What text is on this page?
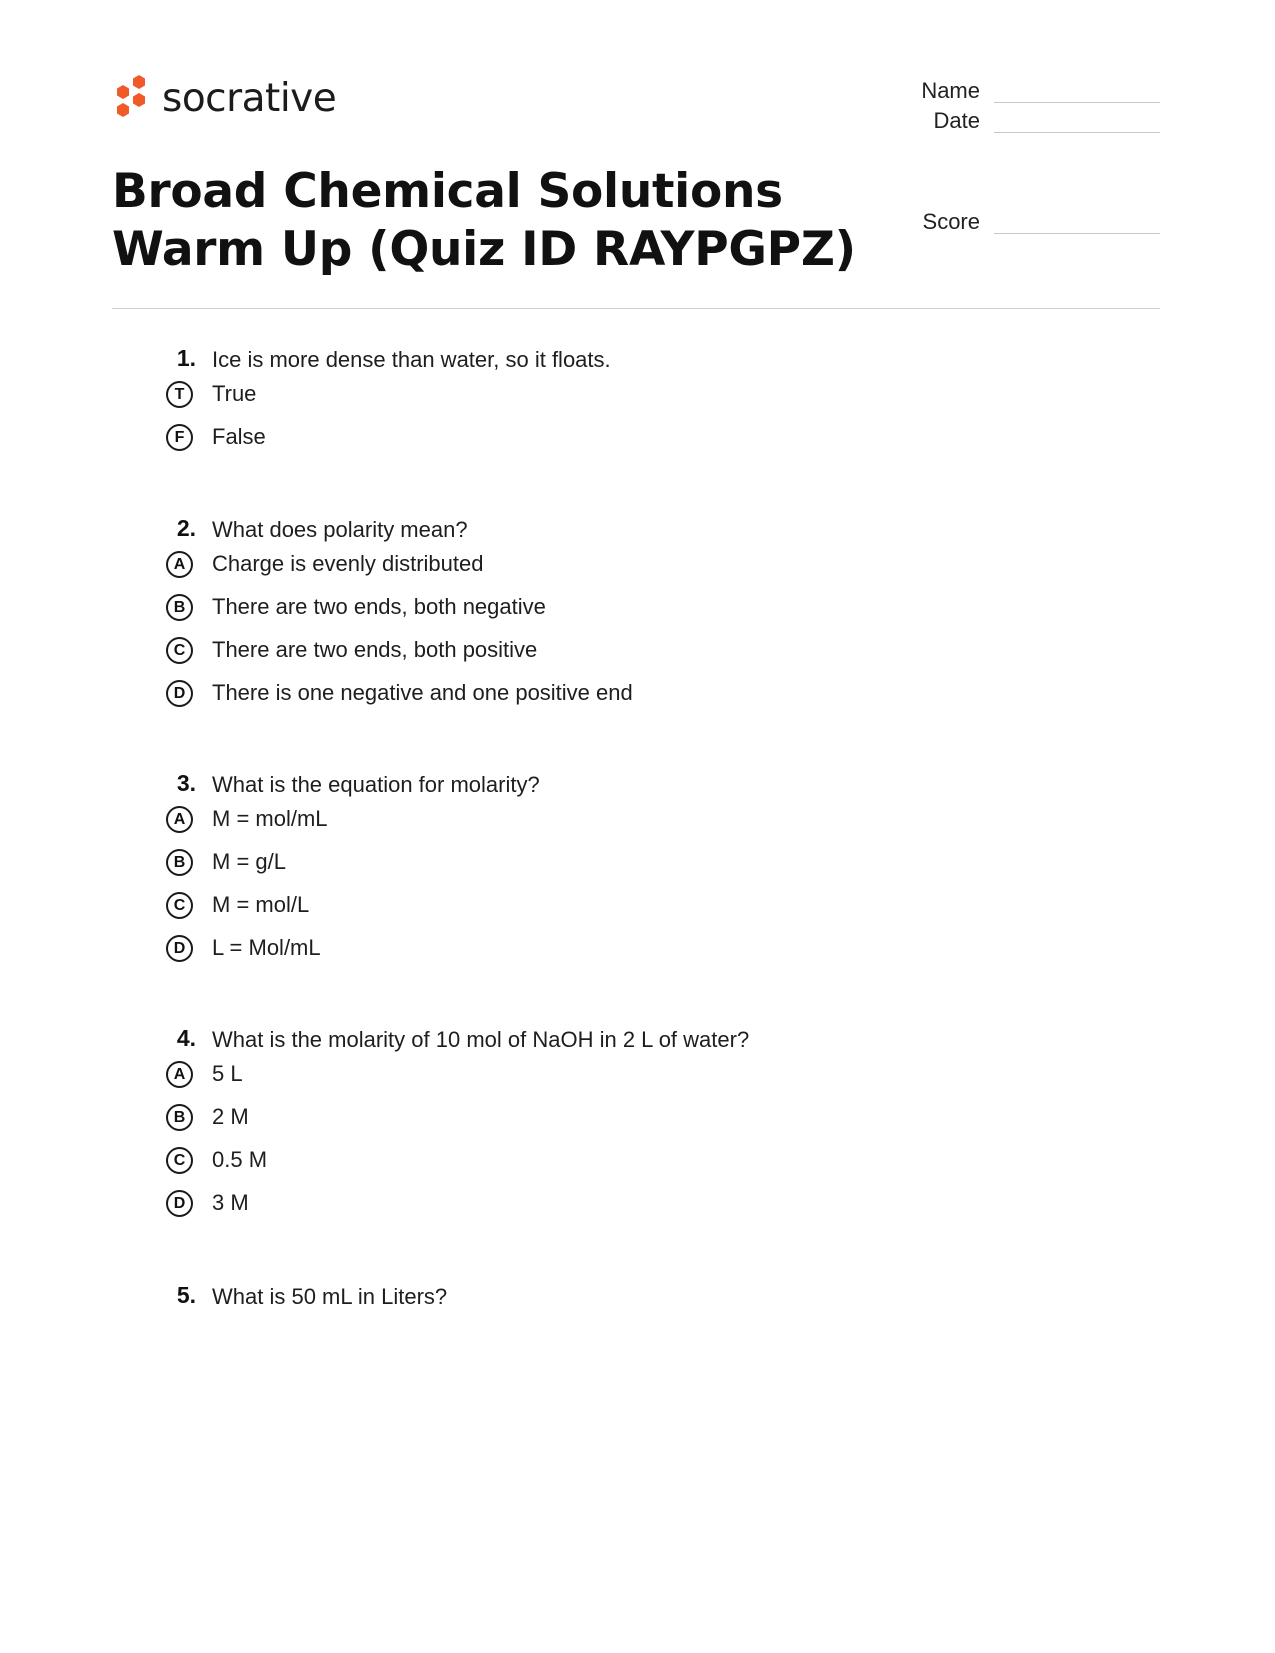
socrative	Name
Date
Score
Broad Chemical Solutions Warm Up (Quiz ID RAYPGPZ)
1. Ice is more dense than water, so it floats.
T	True
F	False
2. What does polarity mean?
A	Charge is evenly distributed
B	There are two ends, both negative
C	There are two ends, both positive
D	There is one negative and one positive end
3. What is the equation for molarity?
A	M = mol/mL
B	M = g/L
C	M = mol/L
D	L = Mol/mL
4. What is the molarity of 10 mol of NaOH in 2 L of water?
A	5 L
B	2 M
C	0.5 M
D	3 M
5. What is 50 mL in Liters?
